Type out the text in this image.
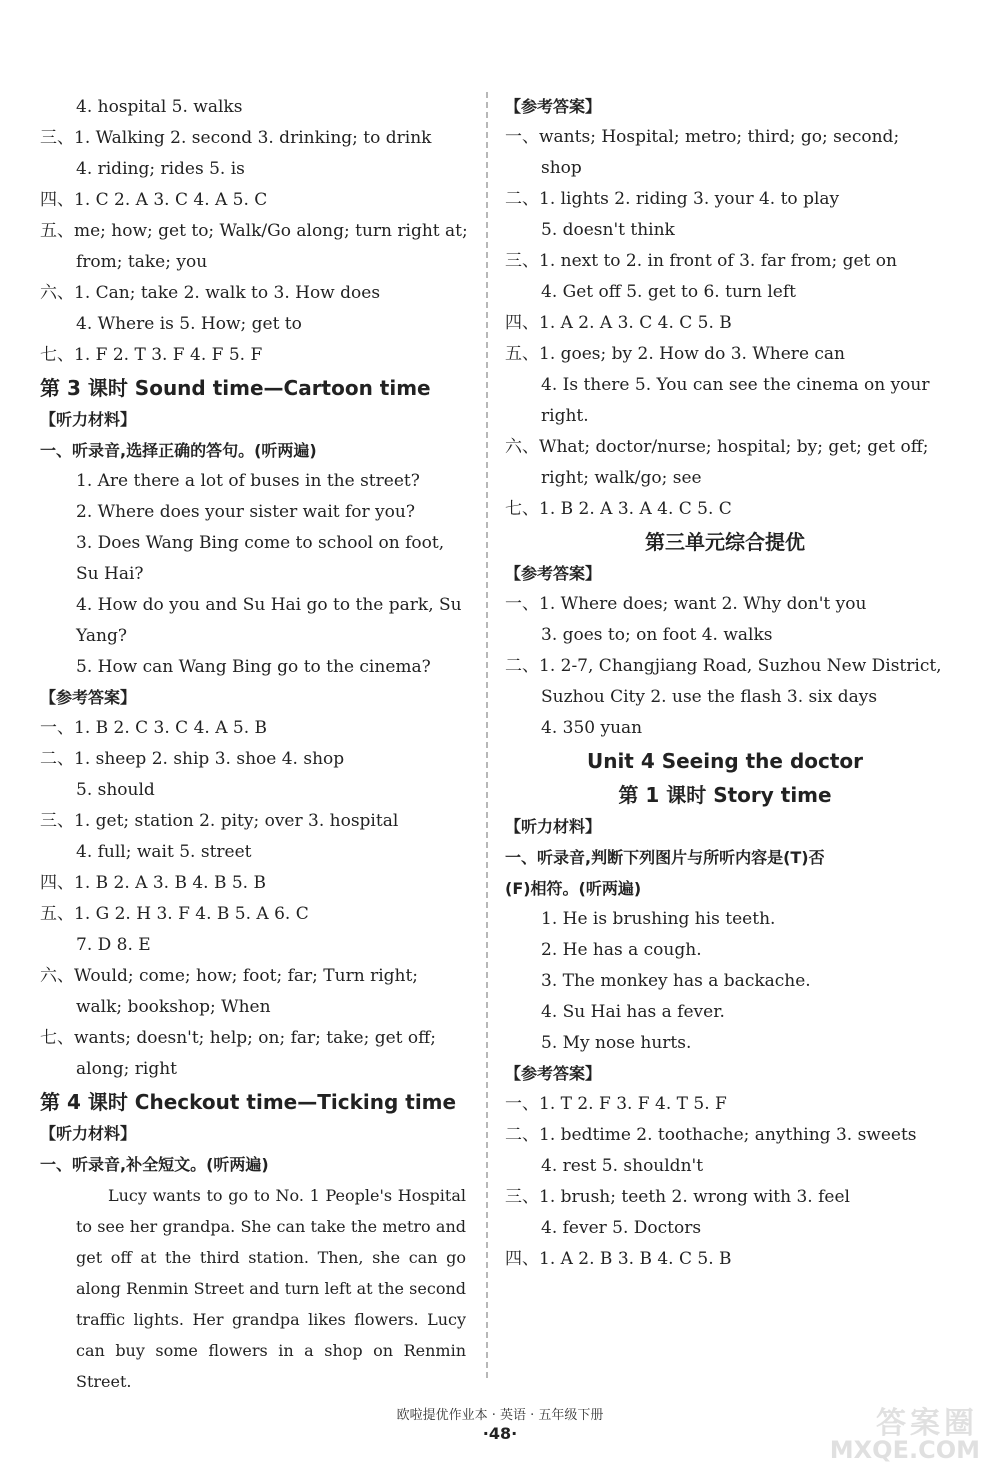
4. hospital 5. walks
三、1. Walking 2. second 3. drinking; to drink
4. riding; rides 5. is
四、1. C 2. A 3. C 4. A 5. C
五、me; how; get to; Walk/Go along; turn right at;
from; take; you
六、1. Can; take 2. walk to 3. How does
4. Where is 5. How; get to
七、1. F 2. T 3. F 4. F 5. F
第 3 课时 Sound time—Cartoon time
【听力材料】
一、听录音,选择正确的答句。(听两遍)
1. Are there a lot of buses in the street?
2. Where does your sister wait for you?
3. Does Wang Bing come to school on foot,
Su Hai?
4. How do you and Su Hai go to the park, Su
Yang?
5. How can Wang Bing go to the cinema?
【参考答案】
一、1. B 2. C 3. C 4. A 5. B
二、1. sheep 2. ship 3. shoe 4. shop
5. should
三、1. get; station 2. pity; over 3. hospital
4. full; wait 5. street
四、1. B 2. A 3. B 4. B 5. B
五、1. G 2. H 3. F 4. B 5. A 6. C
7. D 8. E
六、Would; come; how; foot; far; Turn right;
walk; bookshop; When
七、wants; doesn't; help; on; far; take; get off;
along; right
第 4 课时 Checkout time—Ticking time
【听力材料】
一、听录音,补全短文。(听两遍)
Lucy wants to go to No. 1 People's Hospital to see her grandpa. She can take the metro and get off at the third station. Then, she can go along Renmin Street and turn left at the second traffic lights. Her grandpa likes flowers. Lucy can buy some flowers in a shop on Renmin Street.
【参考答案】
一、wants; Hospital; metro; third; go; second;
shop
二、1. lights 2. riding 3. your 4. to play
5. doesn't think
三、1. next to 2. in front of 3. far from; get on
4. Get off 5. get to 6. turn left
四、1. A 2. A 3. C 4. C 5. B
五、1. goes; by 2. How do 3. Where can
4. Is there 5. You can see the cinema on your
right.
六、What; doctor/nurse; hospital; by; get; get off;
right; walk/go; see
七、1. B 2. A 3. A 4. C 5. C
第三单元综合提优
【参考答案】
一、1. Where does; want 2. Why don't you
3. goes to; on foot 4. walks
二、1. 2-7, Changjiang Road, Suzhou New District,
Suzhou City 2. use the flash 3. six days
4. 350 yuan
Unit 4 Seeing the doctor
第 1 课时 Story time
【听力材料】
一、听录音,判断下列图片与所听内容是(T)否
(F)相符。(听两遍)
1. He is brushing his teeth.
2. He has a cough.
3. The monkey has a backache.
4. Su Hai has a fever.
5. My nose hurts.
【参考答案】
一、1. T 2. F 3. F 4. T 5. F
二、1. bedtime 2. toothache; anything 3. sweets
4. rest 5. shouldn't
三、1. brush; teeth 2. wrong with 3. feel
4. fever 5. Doctors
四、1. A 2. B 3. B 4. C 5. B
欧啦提优作业本 · 英语 · 五年级下册
·48·	答案圈
MXQE.COM
